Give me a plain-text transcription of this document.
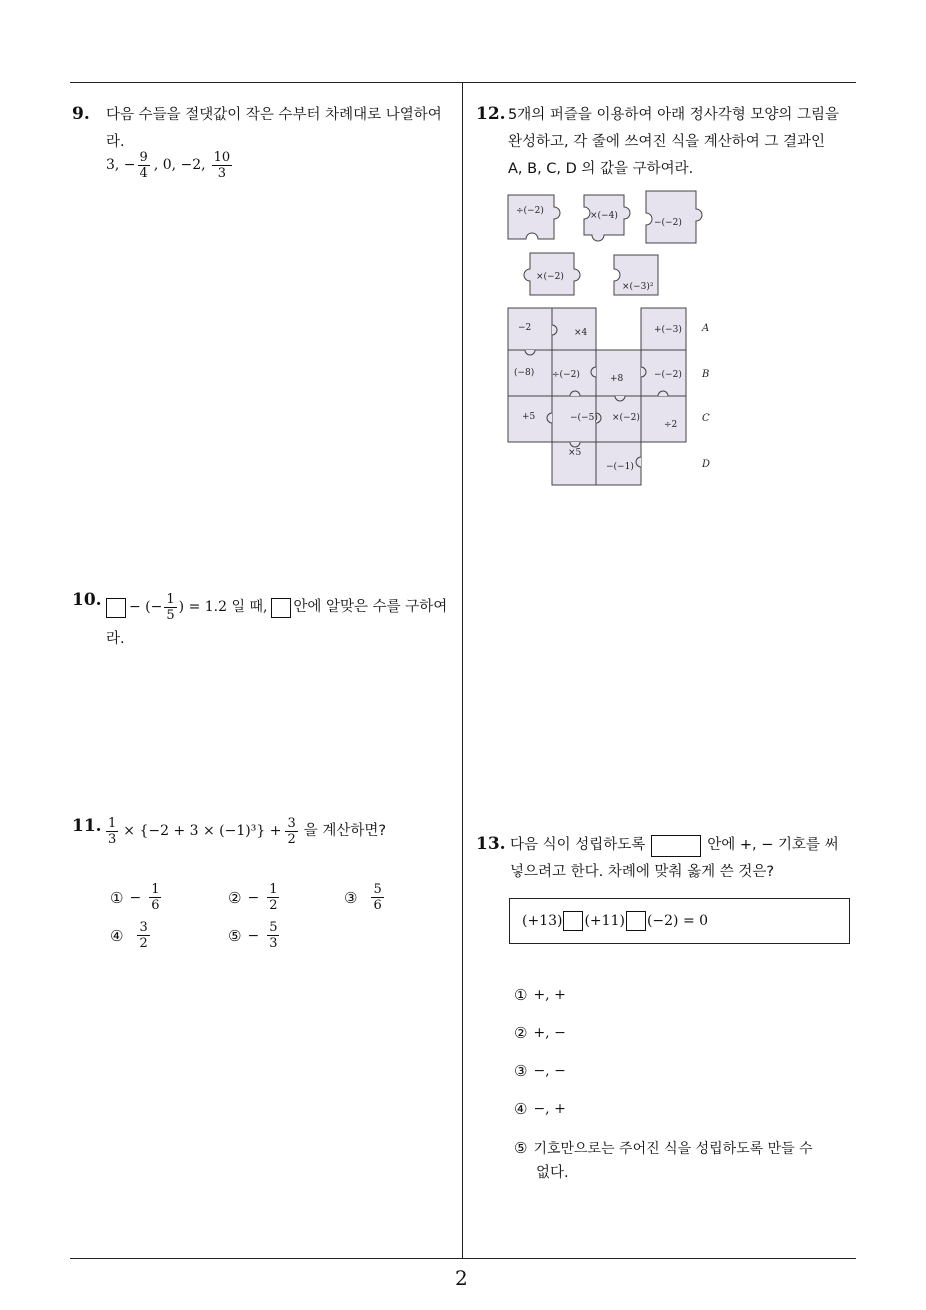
9. 다음 수들을 절댓값이 작은 수부터 차례대로 나열하여
라.
3, − $\frac{9}{4}$ , 0, −2, $\frac{10}{3}$
10. − (− $\frac{1}{5}$ ) = 1.2 일 때, 안에 알맞은 수를 구하여
라.
11. $\frac{1}{3} \times \{-2 + 3 \times (-1)^3\} + \frac{3}{2}$ 을 계산하면?
① − $\frac{1}{6}$	② − $\frac{1}{2}$	③ $\frac{5}{6}$
④ $\frac{3}{2}$	⑤ − $\frac{5}{3}$
12. 5개의 퍼즐을 이용하여 아래 정사각형 모양의 그림을
완성하고, 각 줄에 쓰여진 식을 계산하여 그 결과인
A, B, C, D 의 값을 구하여라.
÷(−2)	×(−4)
−(−2)
×(−2)
×(−3)²
−2	×4	+(−3)
(−8) ÷(−2)	+8	−(−2)
+5	−(−5) ×(−2)
÷2
×5
−(−1)
A
B
C
D
13. 다음 식이 성립하도록	안에 +, − 기호를 써
넣으려고 한다. 차례에 맞춰 옳게 쓴 것은?
(+13) (+11) (−2) = 0
① +, +
② +, −
③ −, −
④ −, +
⑤ 기호만으로는 주어진 식을 성립하도록 만들 수
없다.
2
